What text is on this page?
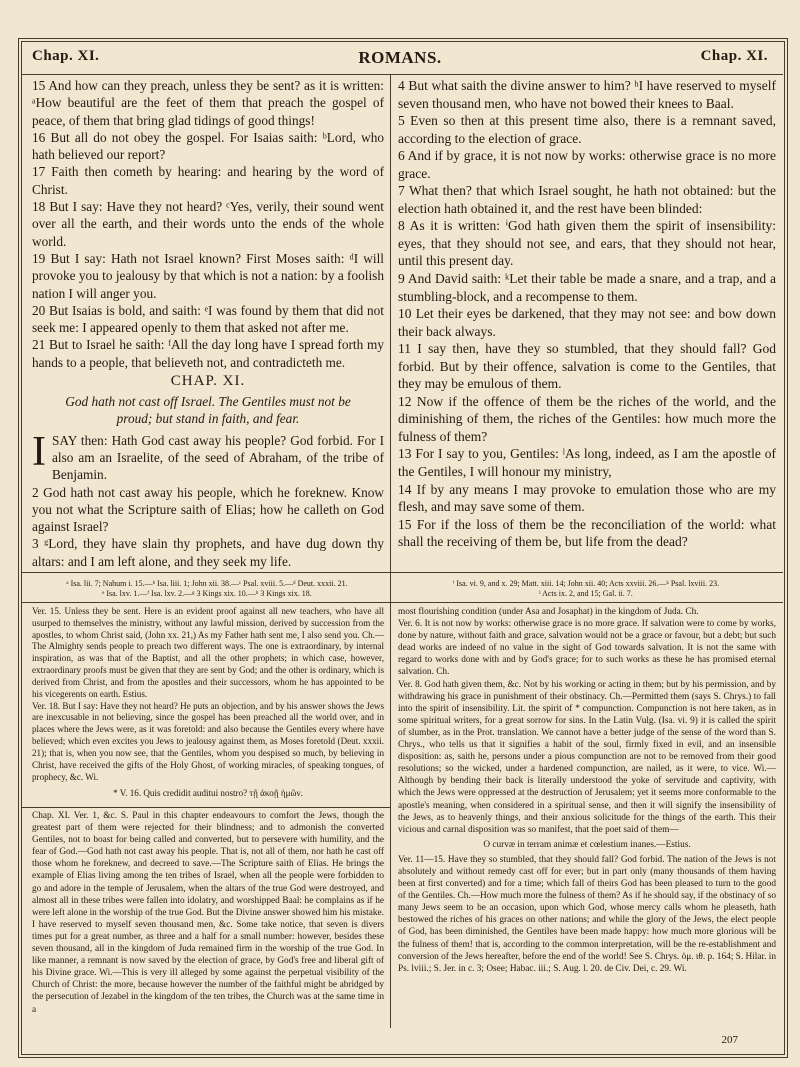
Chap. XI.	ROMANS.	Chap. XI.

15 And how can they preach, unless they be sent? as it is written: ᵃHow beautiful are the feet of them that preach the gospel of peace, of them that bring glad tidings of good things!

16 But all do not obey the gospel. For Isaias saith: ᵇLord, who hath believed our report?

17 Faith then cometh by hearing: and hearing by the word of Christ.

18 But I say: Have they not heard? ᶜYes, verily, their sound went over all the earth, and their words unto the ends of the whole world.

19 But I say: Hath not Israel known? First Moses saith: ᵈI will provoke you to jealousy by that which is not a nation: by a foolish nation I will anger you.

20 But Isaias is bold, and saith: ᵉI was found by them that did not seek me: I appeared openly to them that asked not after me.

21 But to Israel he saith: ᶠAll the day long have I spread forth my hands to a people, that believeth not, and contradicteth me.

CHAP. XI.

God hath not cast off Israel. The Gentiles must not be proud; but stand in faith, and fear.

ISAY then: Hath God cast away his people? God forbid. For I also am an Israelite, of the seed of Abraham, of the tribe of Benjamin.

2 God hath not cast away his people, which he foreknew. Know you not what the Scripture saith of Elias; how he calleth on God against Israel?

3 ᵍLord, they have slain thy prophets, and have dug down thy altars: and I am left alone, and they seek my life.

4 But what saith the divine answer to him? ʰI have reserved to myself seven thousand men, who have not bowed their knees to Baal.

5 Even so then at this present time also, there is a remnant saved, according to the election of grace.

6 And if by grace, it is not now by works: otherwise grace is no more grace.

7 What then? that which Israel sought, he hath not obtained: but the election hath obtained it, and the rest have been blinded:

8 As it is written: ⁱGod hath given them the spirit of insensibility: eyes, that they should not see, and ears, that they should not hear, until this present day.

9 And David saith: ᵏLet their table be made a snare, and a trap, and a stumbling-block, and a recompense to them.

10 Let their eyes be darkened, that they may not see: and bow down their back always.

11 I say then, have they so stumbled, that they should fall? God forbid. But by their offence, salvation is come to the Gentiles, that they may be emulous of them.

12 Now if the offence of them be the riches of the world, and the diminishing of them, the riches of the Gentiles: how much more the fulness of them?

13 For I say to you, Gentiles: ˡAs long, indeed, as I am the apostle of the Gentiles, I will honour my ministry,

14 If by any means I may provoke to emulation those who are my flesh, and may save some of them.

15 For if the loss of them be the reconciliation of the world: what shall the receiving of them be, but life from the dead?

ᵃ Isa. lii. 7; Nahum i. 15.—ᵇ Isa. liii. 1; John xii. 38.—ᶜ Psal. xviii. 5.—ᵈ Deut. xxxii. 21.
ᵉ Isa. lxv. 1.—ᶠ Isa. lxv. 2.—ᵍ 3 Kings xix. 10.—ʰ 3 Kings xix. 18.
ⁱ Isa. vi. 9, and x. 29; Matt. xiii. 14; John xii. 40; Acts xxviii. 26.—ᵏ Psal. lxviii. 23.
ˡ Acts ix. 2, and 15; Gal. ii. 7.

Ver. 15. Unless they be sent. Here is an evident proof against all new teachers, who have all usurped to themselves the ministry, without any lawful mission, derived by succession from the apostles, to whom Christ said, (John xx. 21,) As my Father hath sent me, I also send you. Ch.—The Almighty sends people to preach two different ways. The one is extraordinary, by internal inspiration, as was that of the Baptist, and all the other prophets; in which case, however, extraordinary proofs must be given that they are sent by God; and the other is ordinary, which is derived from Christ, and from the apostles and their successors, whom he has appointed to be his vicegerents on earth. Estius.

Ver. 18. But I say: Have they not heard? He puts an objection, and by his answer shows the Jews are inexcusable in not believing, since the gospel has been preached all the world over, and in places where the Jews were, as it was foretold: and also because the Gentiles every where have believed; which even excites you Jews to jealousy against them, as Moses foretold (Deut. xxxii. 21); that is, when you now see, that the Gentiles, whom you despised so much, by believing in Christ, have received the gifts of the Holy Ghost, of working miracles, of speaking tongues, of prophecy, &c. Wi.

* V. 16. Quis credidit auditui nostro? τῇ ἀκοῇ ἡμῶν.

Chap. XI. Ver. 1, &c. S. Paul in this chapter endeavours to comfort the Jews, though the greatest part of them were rejected for their blindness; and to admonish the converted Gentiles, not to boast for being called and converted, but to persevere with humility, and the fear of God.—God hath not cast away his people. That is, not all of them, nor hath he cast off those whom he foreknew, and decreed to save.—The Scripture saith of Elias. He brings the example of Elias living among the ten tribes of Israel, when all the people were forbidden to go and adore in the temple of Jerusalem, when the altars of the true God were destroyed, and almost all in these tribes were fallen into idolatry, and worshipped Baal: he complains as if he were left alone in the worship of the true God. But the Divine answer showed him his mistake. I have reserved to myself seven thousand men, &c. Some take notice, that seven is divers times put for a great number, as three and a half for a small number: however, besides these seven thousand, all in the kingdom of Juda remained firm in the worship of the true God. In like manner, a remnant is now saved by the election of grace, by God's free and liberal gift of his Divine grace. Wi.—This is very ill alleged by some against the perpetual visibility of the Church of Christ: the more, because however the number of the faithful might be abridged by the persecution of Jezabel in the kingdom of the ten tribes, the Church was at the same time in a

most flourishing condition (under Asa and Josaphat) in the kingdom of Juda. Ch.

Ver. 6. It is not now by works: otherwise grace is no more grace. If salvation were to come by works, done by nature, without faith and grace, salvation would not be a grace or favour, but a debt; but such dead works are indeed of no value in the sight of God towards salvation. It is not the same with regard to works done with and by God's grace; for to such works as these he has promised eternal salvation. Ch.

Ver. 8. God hath given them, &c. Not by his working or acting in them; but by his permission, and by withdrawing his grace in punishment of their obstinacy. Ch.—Permitted them (says S. Chrys.) to fall into the spirit of insensibility. Lit. the spirit of * compunction. Compunction is not here taken, as in some spiritual writers, for a great sorrow for sins. In the Latin Vulg. (Isa. vi. 9) it is called the spirit of slumber, as in the Prot. translation. We cannot have a better judge of the sense of the word than S. Chrys., who tells us that it signifies a habit of the soul, firmly fixed in evil, and an insensible disposition: as, saith he, persons under a pious compunction are not to be removed from their good resolutions; so the wicked, under a hardened compunction, are nailed, as it were, to vice. Wi.—Although by bending their back is literally understood the yoke of servitude and captivity, with which the Jews were oppressed at the destruction of Jerusalem; yet it seems more conformable to the apostle's meaning, when considered in a spiritual sense, and then it will signify the insensibility of the Jews, as to heavenly things, and their anxious solicitude for the things of the earth. This their vicious and carnal disposition was so manifest, that the poet said of them—

O curvæ in terram animæ et cœlestium inanes.—Estius.

Ver. 11—15. Have they so stumbled, that they should fall? God forbid. The nation of the Jews is not absolutely and without remedy cast off for ever; but in part only (many thousands of them having been at first converted) and for a time; which fall of theirs God has been pleased to turn to the good of the Gentiles. Ch.—How much more the fulness of them? As if he should say, if the obstinacy of so many Jews seem to be an occasion, upon which God, whose mercy calls whom he pleaseth, hath bestowed the riches of his graces on other nations; and while the glory of the Jews, the elect people of God, has been diminished, the Gentiles have been made happy: how much more glorious will be the fulness of them! that is, according to the common interpretation, will be the re-establishment and conversion of the Jews hereafter, before the end of the world! See S. Chrys. ὁμ. ιθ. p. 164; S. Hilar. in Ps. lviii.; S. Jer. in c. 3; Osee; Habac. iii.; S. Aug. l. 20. de Civ. Dei, c. 29. Wi.

207
